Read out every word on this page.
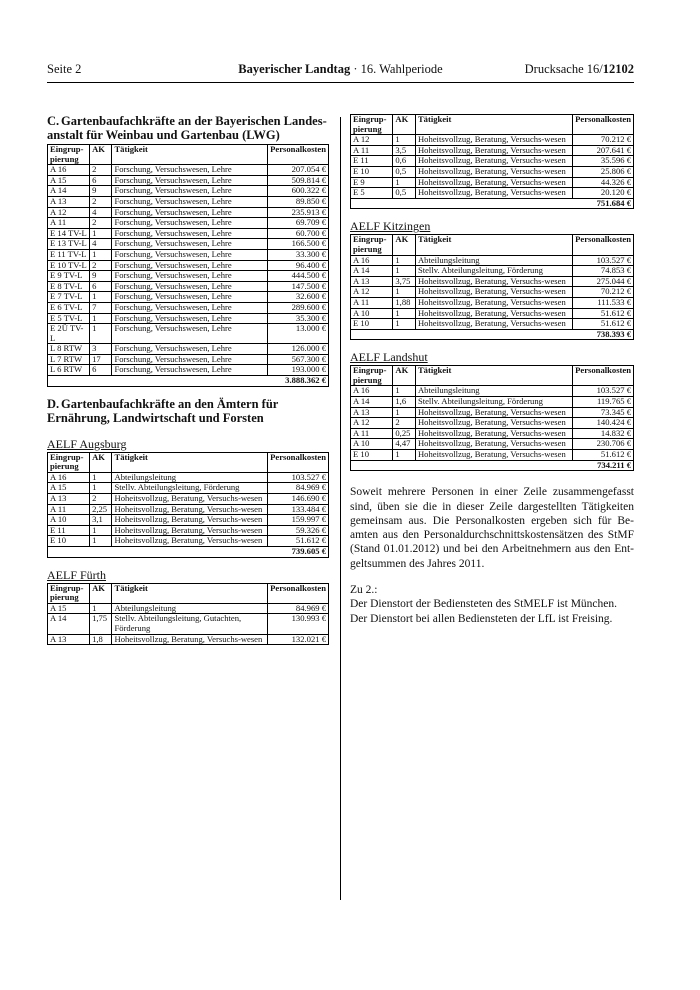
Seite 2	Bayerischer Landtag · 16. Wahlperiode	Drucksache 16/12102
C. Gartenbaufachkräfte an der Bayerischen Landes-anstalt für Weinbau und Gartenbau (LWG)
Eingrup-pierung	AK	Tätigkeit	Personalkosten
A 16	2	Forschung, Versuchswesen, Lehre	207.054 €
A 15	6	Forschung, Versuchswesen, Lehre	509.814 €
A 14	9	Forschung, Versuchswesen, Lehre	600.322 €
A 13	2	Forschung, Versuchswesen, Lehre	89.850 €
A 12	4	Forschung, Versuchswesen, Lehre	235.913 €
A 11	2	Forschung, Versuchswesen, Lehre	69.709 €
E 14 TV-L	1	Forschung, Versuchswesen, Lehre	60.700 €
E 13 TV-L	4	Forschung, Versuchswesen, Lehre	166.500 €
E 11 TV-L	1	Forschung, Versuchswesen, Lehre	33.300 €
E 10 TV-L	2	Forschung, Versuchswesen, Lehre	96.400 €
E 9 TV-L	9	Forschung, Versuchswesen, Lehre	444.500 €
E 8 TV-L	6	Forschung, Versuchswesen, Lehre	147.500 €
E 7 TV-L	1	Forschung, Versuchswesen, Lehre	32.600 €
E 6 TV-L	7	Forschung, Versuchswesen, Lehre	289.600 €
E 5 TV-L	1	Forschung, Versuchswesen, Lehre	35.300 €
E 2Ü TV-L	1	Forschung, Versuchswesen, Lehre	13.000 €
L 8 RTW	3	Forschung, Versuchswesen, Lehre	126.000 €
L 7 RTW	17	Forschung, Versuchswesen, Lehre	567.300 €
L 6 RTW	6	Forschung, Versuchswesen, Lehre	193.000 €
3.888.362 €			
D. Gartenbaufachkräfte an den Ämtern für Ernährung, Landwirtschaft und Forsten
AELF Augsburg
Eingrup-pierung	AK	Tätigkeit	Personalkosten
A 16	1	Abteilungsleitung	103.527 €
A 15	1	Stellv. Abteilungsleitung, Förderung	84.969 €
A 13	2	Hoheitsvollzug, Beratung, Versuchs-wesen	146.690 €
A 11	2,25	Hoheitsvollzug, Beratung, Versuchs-wesen	133.484 €
A 10	3,1	Hoheitsvollzug, Beratung, Versuchs-wesen	159.997 €
E 11	1	Hoheitsvollzug, Beratung, Versuchs-wesen	59.326 €
E 10	1	Hoheitsvollzug, Beratung, Versuchs-wesen	51.612 €
739.605 €			
AELF Fürth
Eingrup-pierung	AK	Tätigkeit	Personalkosten
A 15	1	Abteilungsleitung	84.969 €
A 14	1,75	Stellv. Abteilungsleitung, Gutachten, Förderung	130.993 €
A 13	1,8	Hoheitsvollzug, Beratung, Versuchs-wesen	132.021 €
Eingrup-pierung	AK	Tätigkeit	Personalkosten
A 12	1	Hoheitsvollzug, Beratung, Versuchs-wesen	70.212 €
A 11	3,5	Hoheitsvollzug, Beratung, Versuchs-wesen	207.641 €
E 11	0,6	Hoheitsvollzug, Beratung, Versuchs-wesen	35.596 €
E 10	0,5	Hoheitsvollzug, Beratung, Versuchs-wesen	25.806 €
E 9	1	Hoheitsvollzug, Beratung, Versuchs-wesen	44.326 €
E 5	0,5	Hoheitsvollzug, Beratung, Versuchs-wesen	20.120 €
751.684 €			
AELF Kitzingen
Eingrup-pierung	AK	Tätigkeit	Personalkosten
A 16	1	Abteilungsleitung	103.527 €
A 14	1	Stellv. Abteilungsleitung, Förderung	74.853 €
A 13	3,75	Hoheitsvollzug, Beratung, Versuchs-wesen	275.044 €
A 12	1	Hoheitsvollzug, Beratung, Versuchs-wesen	70.212 €
A 11	1,88	Hoheitsvollzug, Beratung, Versuchs-wesen	111.533 €
A 10	1	Hoheitsvollzug, Beratung, Versuchs-wesen	51.612 €
E 10	1	Hoheitsvollzug, Beratung, Versuchs-wesen	51.612 €
738.393 €			
AELF Landshut
Eingrup-pierung	AK	Tätigkeit	Personalkosten
A 16	1	Abteilungsleitung	103.527 €
A 14	1,6	Stellv. Abteilungsleitung, Förderung	119.765 €
A 13	1	Hoheitsvollzug, Beratung, Versuchs-wesen	73.345 €
A 12	2	Hoheitsvollzug, Beratung, Versuchs-wesen	140.424 €
A 11	0,25	Hoheitsvollzug, Beratung, Versuchs-wesen	14.832 €
A 10	4,47	Hoheitsvollzug, Beratung, Versuchs-wesen	230.706 €
E 10	1	Hoheitsvollzug, Beratung, Versuchs-wesen	51.612 €
734.211 €			

Soweit mehrere Personen in einer Zeile zusammengefasst sind, üben sie die in dieser Zeile dargestellten Tätigkeiten gemeinsam aus. Die Personalkosten ergeben sich für Be-amten aus den Personaldurchschnittskostensätzen des StMF (Stand 01.01.2012) und bei den Arbeitnehmern aus den Ent-geltsummen des Jahres 2011.

Zu 2.:

Der Dienstort der Bediensteten des StMELF ist München.

Der Dienstort bei allen Bediensteten der LfL ist Freising.
